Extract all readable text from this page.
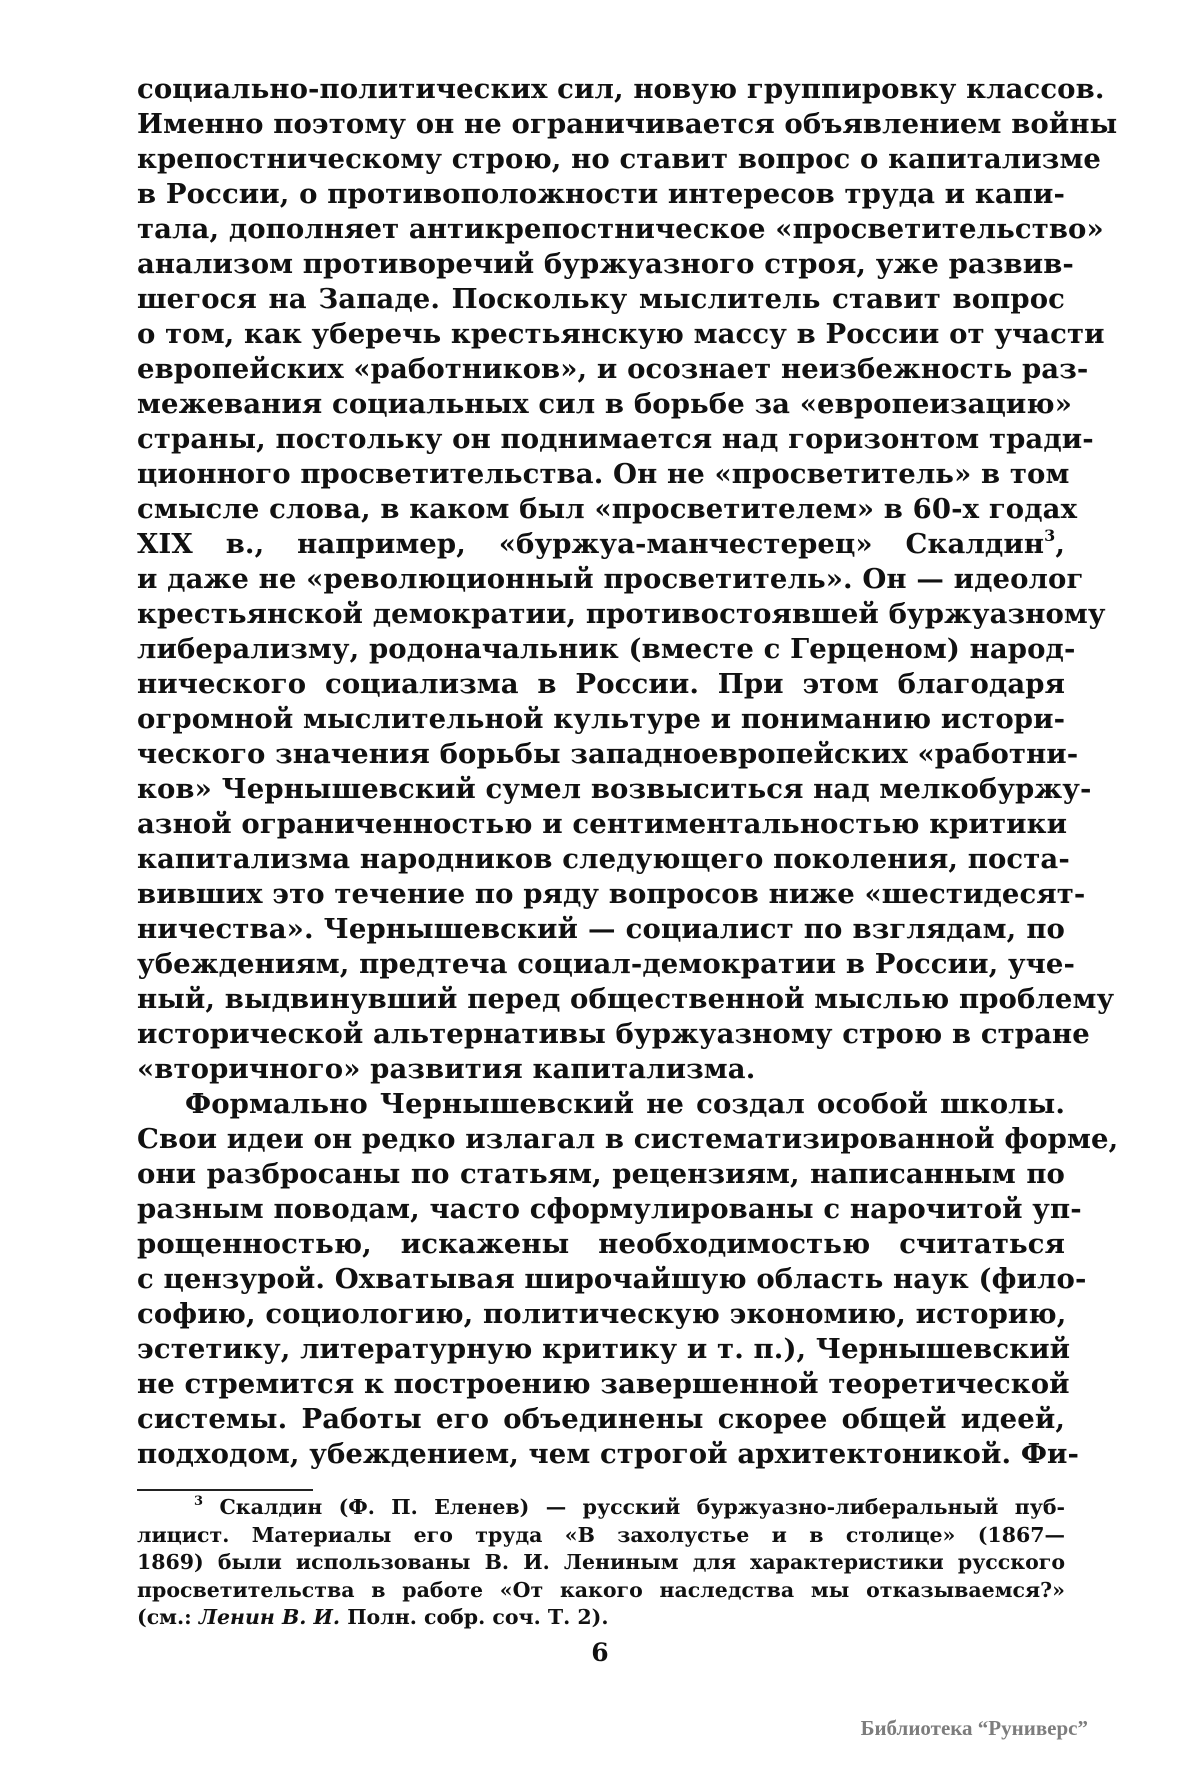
социально-политических сил, новую группировку классов.
Именно поэтому он не ограничивается объявлением войны
крепостническому строю, но ставит вопрос о капитализме
в России, о противоположности интересов труда и капи-
тала, дополняет антикрепостническое «просветительство»
анализом противоречий буржуазного строя, уже развив-
шегося на Западе. Поскольку мыслитель ставит вопрос
о том, как уберечь крестьянскую массу в России от участи
европейских «работников», и осознает неизбежность раз-
межевания социальных сил в борьбе за «европеизацию»
страны, постольку он поднимается над горизонтом тради-
ционного просветительства. Он не «просветитель» в том
смысле слова, в каком был «просветителем» в 60-х годах
XIX в., например, «буржуа-манчестерец» Скалдин$^3$,
и даже не «революционный просветитель». Он — идеолог
крестьянской демократии, противостоявшей буржуазному
либерализму, родоначальник (вместе с Герценом) народ-
нического социализма в России. При этом благодаря
огромной мыслительной культуре и пониманию истори-
ческого значения борьбы западноевропейских «работни-
ков» Чернышевский сумел возвыситься над мелкобуржу-
азной ограниченностью и сентиментальностью критики
капитализма народников следующего поколения, поста-
вивших это течение по ряду вопросов ниже «шестидесят-
ничества». Чернышевский — социалист по взглядам, по
убеждениям, предтеча социал-демократии в России, уче-
ный, выдвинувший перед общественной мыслью проблему
исторической альтернативы буржуазному строю в стране
«вторичного» развития капитализма.
Формально Чернышевский не создал особой школы.
Свои идеи он редко излагал в систематизированной форме,
они разбросаны по статьям, рецензиям, написанным по
разным поводам, часто сформулированы с нарочитой уп-
рощенностью, искажены необходимостью считаться
с цензурой. Охватывая широчайшую область наук (фило-
софию, социологию, политическую экономию, историю,
эстетику, литературную критику и т. п.), Чернышевский
не стремится к построению завершенной теоретической
системы. Работы его объединены скорее общей идеей,
подходом, убеждением, чем строгой архитектоникой. Фи-
$^3$ Скалдин (Ф. П. Еленев) — русский буржуазно-либеральный пуб-
лицист. Материалы его труда «В захолустье и в столице» (1867—
1869) были использованы В. И. Лениным для характеристики русского
просветительства в работе «От какого наследства мы отказываемся?»
(см.: Ленин В. И. Полн. собр. соч. Т. 2).
6
Библиотека “Руниверс”
